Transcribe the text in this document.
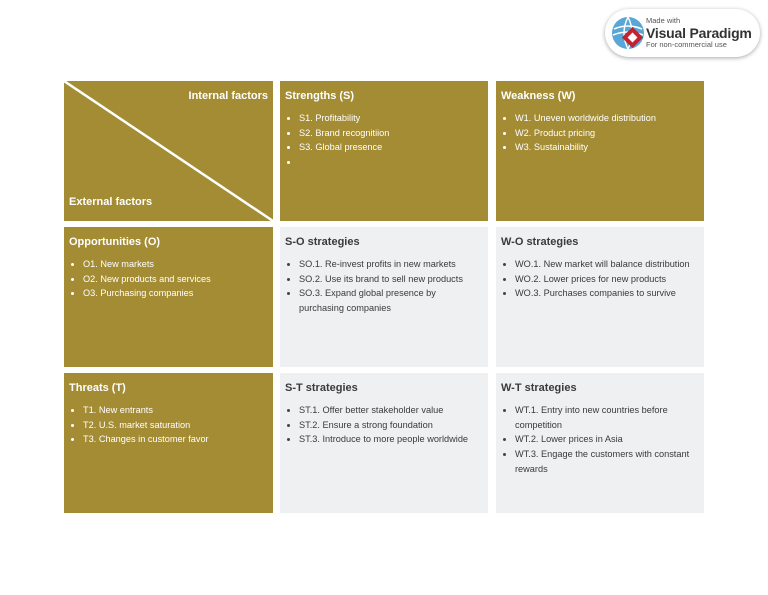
Made with
Visual Paradigm
For non-commercial use
Internal factors
External factors
Strengths (S)
• S1. Profitability
• S2. Brand recognitiion
• S3. Global presence
•
Weakness (W)
• W1. Uneven worldwide distribution
• W2. Product pricing
• W3. Sustainability
Opportunities (O)
• O1. New markets
• O2. New products and services
• O3. Purchasing companies
S-O strategies
• SO.1. Re-invest profits in new markets
• SO.2. Use its brand to sell new products
• SO.3. Expand global presence by purchasing companies
W-O strategies
• WO.1. New market will balance distribution
• WO.2. Lower prices for new products
• WO.3. Purchases companies to survive
Threats (T)
• T1. New entrants
• T2. U.S. market saturation
• T3. Changes in customer favor
S-T strategies
• ST.1. Offer better stakeholder value
• ST.2. Ensure a strong foundation
• ST.3. Introduce to more people worldwide
W-T strategies
• WT.1. Entry into new countries before competition
• WT.2. Lower prices in Asia
• WT.3. Engage the customers with constant rewards
